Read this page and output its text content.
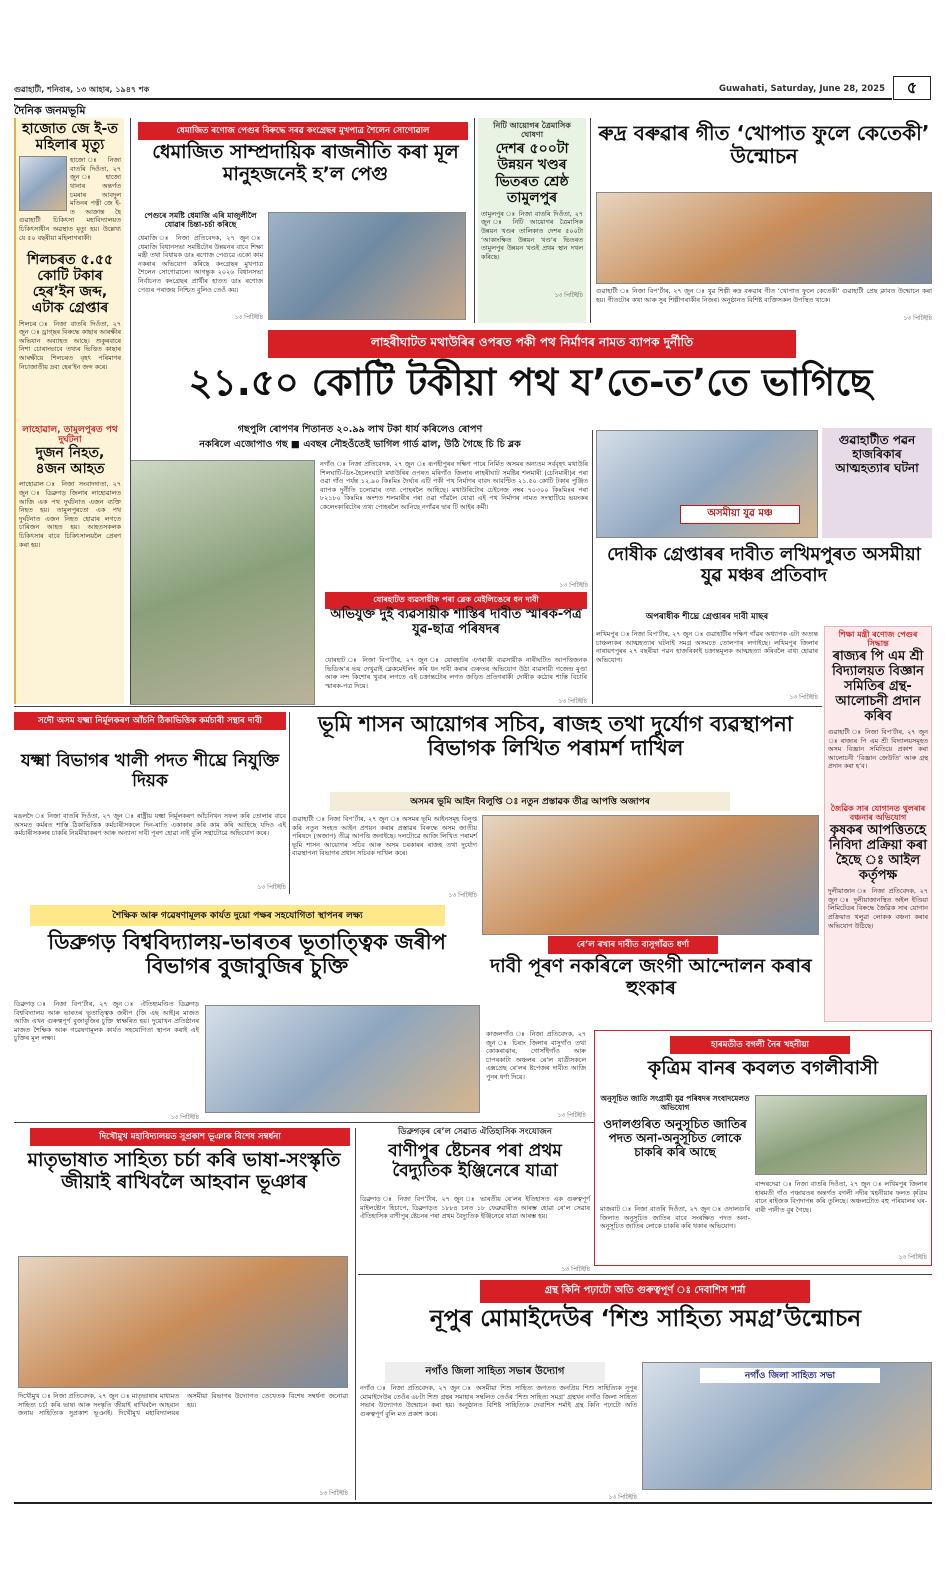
গুৱাহাটী, শনিবাৰ, ১৩ আহাৰ, ১৯৪৭ শক	Guwahati, Saturday, June 28, 2025	৫
দৈনিক জনমভূমি
হাজোত জে ই-ত মহিলাৰ মৃত্যু
হাজো ঃ নিজা বাতৰি দিওঁতা, ২৭ জুন ঃ হাজো থানাৰ অন্তৰ্গত চমৰাৰ আবদুল মতিনৰ পত্নী জে ই-ত আক্ৰান্ত হৈ গুৱাহাটী চিকিৎসা মহাবিদ্যালয়ত চিকিৎসাধীন অৱস্থাত মৃত্যু হয়। উল্লেখ্য যে ৫০ বছৰীয়া মহিলাগৰাকী।
শিলচৰত ৫.৫৫ কোটি টকাৰ হেৰ’ইন জব্দ, এটাক গ্ৰেপ্তাৰ
শিলচৰ ঃ নিজা বাতৰি দিওঁতা, ২৭ জুন ঃ ড্ৰাগ্‌ছৰ বিৰুদ্ধে কাছাৰ আৰক্ষীৰ অভিযান অব্যাহত আছে। শুকুৰবাৰে নিশা চোৰাংভাবে তথ্যৰ ভিত্তিত কাছাৰ আৰক্ষীয়ে শিলচৰত বৃহৎ পৰিমাণৰ নিচাজাতীয় দ্ৰব্য হেৰ’ইন জব্দ কৰে।
লাহোৱাল, তামুলপুৰত পথ দুৰ্ঘটনা
দুজন নিহত, ৪জন আহত
লাহোৱাল ঃ নিজা সংবাদদাতা, ২৭ জুন ঃ ডিব্ৰুগড় জিলাৰ লাহোৱালত আজি এক পথ দুৰ্ঘটনাত এজন ব্যক্তি নিহত হয়। তামুলপুৰতো এক পথ দুৰ্ঘটনাত এজন নিহত হোৱাৰ লগতে চাৰিজন আহত হয়। আহতসকলক চিকিৎসাৰ বাবে চিকিৎসালয়লৈ প্ৰেৰণ কৰা হয়।
ধেমাজিত ৰণোজ পেগুৰ বিৰুদ্ধে সৰৱ কংগ্ৰেছৰ মুখপাত্ৰ শৈলেন সোণোৱাল
ধেমাজিত সাম্প্ৰদায়িক ৰাজনীতি কৰা মূল মানুহজনেই হ’ল পেগু
পেগুৰে সমষ্টি ধেমাজি এৰি মাজুলীলৈ যোৱাৰ চিন্তা-চৰ্চা কৰিছে
ধেমাজি ঃ নিজা প্ৰতিবেদক, ২৭ জুন ঃ ধেমাজি বিধানসভা সমষ্টিটোৰ উন্নয়নৰ বাবে শিক্ষা মন্ত্ৰী তথা বিধায়ক ডাঃ ৰণোজ পেগুৱে একো কাম নকৰাৰ অভিযোগ কৰিছে কংগ্ৰেছৰ মুখপাত্ৰ শৈলেন সোণোৱালে। আগন্তুক ২০২৬ বিধানসভা নিৰ্বাচনত কংগ্ৰেছৰ প্ৰাৰ্থীৰ হাতত ডাঃ ৰণোজ পেগুৰ পৰাজয় নিশ্চিত বুলিও তেওঁ কয়।
১৩ পিটিইচি
নিটি আয়োগৰ ত্ৰৈমাসিক ঘোষণা
দেশৰ ৫০০টা উন্নয়ন খণ্ডৰ ভিতৰত শ্ৰেষ্ঠ তামুলপুৰ
তামুলপুৰ ঃ নিজা বাতৰি দিওঁতা, ২৭ জুন ঃ নিটি আয়োগৰ ত্ৰৈমাসিক উন্নয়ন খণ্ডৰ তালিকাত দেশৰ ৫০০টা ‘আকাংক্ষিত উন্নয়ন খণ্ড’ৰ ভিতৰত তামুলপুৰ উন্নয়ন খণ্ডই প্ৰথম স্থান দখল কৰিছে।
১৩ পিটিইচি
ৰুদ্ৰ বৰুৱাৰ গীত ‘খোপাত ফুলে কেতেকী’ উন্মোচন
গুৱাহাটী ঃ নিজা বিপ’ৰ্টাৰ, ২৭ জুন ঃ যুৱ শিল্পী ৰুদ্ৰ বৰুৱাৰ গীত ‘খোপাত ফুলে কেতেকী’ গুৱাহাটী প্ৰেছ ক্লাবত উন্মোচন কৰা হয়। গীতটোৰ কথা আৰু সুৰ শিল্পীগৰাকীৰ নিজৰ। অনুষ্ঠানত বিশিষ্ট ব্যক্তিসকল উপস্থিত থাকে।
১৩ পিটিইচি
লাহৰীঘাটত মথাউৰিৰ ওপৰত পকী পথ নিৰ্মাণৰ নামত ব্যাপক দুৰ্নীতি
২১.৫০ কোটি টকীয়া পথ য’তে-ত’তে ভাগিছে
গছপুলি ৰোপণৰ শিতানত ২০.৯৯ লাখ টকা ধাৰ্য কৰিলেও ৰোপণ
নকৰিলে এজোপাও গছ ■ এবছৰ নৌহওঁতেই ভাগিল গাৰ্ড ৱাল, উঠি গৈছে চি চি ব্লক
নগাঁও ঃ নিজা প্ৰতিবেদক, ২৭ জুন ঃ ৰূপহীপুৰৰ দক্ষিণ পাৰে নিৰ্মিত অসমৰ অন্যতম সৰ্ববৃহৎ মথাউৰি শিলঘাটি-ডিং-হৈলেংঘাটা মথাউৰিৰ ওপৰত মৰিগাঁও জিলাৰ লাহৰীঘাট সমষ্টিৰ শলমাৰী (চেনিমাৰী)ৰ পৰা ওৱা গাঁও পৰ্যন্ত ১২.৯০ কিঃমিঃ দৈৰ্ঘ্যৰ এটি পকী পথ নিৰ্মাণৰ বাবদ আবণ্টিত ২১.৫০ কোটি টকাৰ পুঞ্জিত ব্যাপক দুৰ্নীতি চলোৱাৰ তথ্য পোহৰলৈ আহিছে। মথাউৰিটোৰ চেইনেজ নম্বৰ ৭০৩০০ কিঃমিঃৰ পৰা ৮২১৮০ কিঃমিঃ অংশত শলমাৰীৰ পৰা ওৱা গাঁৱলৈ যোৱা এই পথ নিৰ্মাণৰ নামত সংস্থাটিয়ে ভয়ংকৰ কেলেংকাৰিটোৰ তথ্য পোহৰলৈ আনিছে নগাঁৱৰ দ্বাৰ টি আইৰ কৰ্মী।
১৩ পিটিইচি
অসমীয়া যুৱ মঞ্চ
গুৱাহাটীত পৱন হাজৰিকাৰ আত্মহত্যাৰ ঘটনা
দোষীক গ্ৰেপ্তাৰৰ দাবীত লখিমপুৰত অসমীয়া যুৱ মঞ্চৰ প্ৰতিবাদ
অপৰাধীক শীঘ্ৰে গ্ৰেপ্তাৰৰ দাবী মাছৰ
লখিমপুৰ ঃ নিজা বিপ’ৰ্টাৰ, ২৭ জুন ঃ গুৱাহাটীৰ দক্ষিণ গাঁৱৰ অধ্যাপক এটা অত্যন্ত চাঞ্চল্যকৰ আত্মহত্যাৰ ঘটনাই সমগ্ৰ অসমতে তোলপাৰ লগাইছে। লখিমপুৰ জিলাৰ নাৰায়ণপুৰৰ ২৭ বছৰীয়া পৱন হাজৰিকাই চক্ৰান্তমূলক আত্মহত্যা কৰিবলৈ বাধ্য হোৱাৰ অভিযোগ।
১৩ পিটিইচি
যোৰহাটত ব্যৱসায়ীক পৰা ব্লেক মেইলিঙেৰে ধন দাবী
অভিযুক্ত দুই ব্যৱসায়ীক শাস্তিৰ দাবীত স্মাৰক-পত্ৰ যুৱ-ছাত্ৰ পৰিষদৰ
যোৰহাট ঃ নিজা বিপ’ৰ্টাৰ, ২৭ জুন ঃ যোৰহাটৰ এগৰাকী ব্যৱসায়ীক নাৰীঘটিত আপত্তিজনক ভিডিঅ’ৰ ভয় দেখুৱাই ব্লেকমেইলিং কৰি ধন দাবী কৰাৰ গুৰুতৰ অভিযোগ উঠা ব্যৱসায়ী গজেন্দ্ৰ মুণ্ডা আৰু নন্দ কিশোৰ খুবাৰ লগতে এই চক্ৰান্তটোৰ লগত জড়িত প্ৰতিগৰাকী দোষীক কঠোৰ শাস্তি বিচাৰি স্মাৰক-পত্ৰ দিয়ে।
১৩ পিটিইচি
শিক্ষা মন্ত্ৰী ৰণোজ পেগুৰ সিদ্ধান্ত
ৰাজ্যৰ পি এম শ্ৰী বিদ্যালয়ত বিজ্ঞান সমিতিৰ গ্ৰন্থ-আলোচনী প্ৰদান কৰিব
গুৱাহাটী ঃ নিজা বিপ’ৰ্টাৰ, ২৭ জুন ঃ ৰাজ্যৰ পি এম শ্ৰী বিদ্যালয়সমূহত অসম বিজ্ঞান সমিতিয়ে প্ৰকাশ কৰা আলোচনী ‘বিজ্ঞান জেউতি’ আৰু গ্ৰন্থ প্ৰদান কৰা হ’ব।
জৈৱিক সাৰ যোগানত থুলৰাৰ বঞ্চনাৰ অভিযোগ
কৃষকৰ আপত্তিতহে নিবিদা প্ৰক্ৰিয়া কৰা হৈছে ঃ আইল কৰ্তৃপক্ষ
দুলীয়াজান ঃ নিজা প্ৰতিবেদক, ২৭ জুন ঃ দুলীয়াজানস্থিত অইল ইণ্ডিয়া লিমিটেডৰ বিৰুদ্ধে জৈৱিক সাৰ যোগান প্ৰক্ৰিয়াত থলুৱা লোকক বঞ্চনা কৰাৰ অভিযোগ উঠিছে।
সদৌ অসম যক্ষ্মা নিৰ্মূলকৰণ আঁচনি ঠিকাভিত্তিক কৰ্মচাৰী সন্থাৰ দাবী
যক্ষ্মা বিভাগৰ খালী পদত শীঘ্ৰে নিযুক্তি দিয়ক
মঙলদৈ ঃ নিজা বাতৰি দিওঁতা, ২৭ জুন ঃ ৰাষ্ট্ৰীয় যক্ষ্মা নিৰ্মূলকৰণ আঁচনিখন সফল কৰি তোলাৰ বাবে অসমত কৰ্মৰত শাস্তি ঠিকাভিত্তিক কৰ্মচাৰীসকলে দিন-ৰাতি একাকাৰ কৰি কাম কৰি আহিছে যদিও এই কৰ্মচাৰীসকলৰ চাকৰি নিয়মীয়াকৰণ আৰু অন্যান্য দাবী পূৰণ হোৱা নাই বুলি সন্থাটোৱে অভিযোগ কৰে।
১৩ পিটিইচি
ভূমি শাসন আয়োগৰ সচিব, ৰাজহ তথা দুৰ্যোগ ব্যৱস্থাপনা বিভাগক লিখিত পৰামৰ্শ দাখিল
অসমৰ ভূমি আইন বিলুপ্তি ঃ নতুন প্ৰস্তাৱক তীব্ৰ আপত্তি অজাপৰ
গুৱাহাটী ঃ নিজা বিপ’ৰ্টাৰ, ২৭ জুন ঃ অসমৰ ভূমি আইনসমূহ বিলুপ্ত কৰি নতুন সংহত আইন প্ৰণয়ন কৰাৰ প্ৰস্তাৱৰ বিৰুদ্ধে অসম জাতীয় পৰিষদে (অজাপ) তীব্ৰ আপত্তি জনাইছে। দলটোৱে আজি লিখিত পৰামৰ্শ ভূমি শাসন আয়োগৰ সচিব আৰু অসম চৰকাৰৰ ৰাজহ তথা দুৰ্যোগ ব্যৱস্থাপনা বিভাগৰ প্ৰধান সচিবক দাখিল কৰে।
১৩ পিটিইচি
শৈক্ষিক আৰু গৱেষণামূলক কাৰ্যত দুয়ো পক্ষৰ সহযোগিতা স্থাপনৰ লক্ষ্য
ডিব্ৰুগড় বিশ্ববিদ্যালয়-ভাৰতৰ ভূতাত্ত্বিক জৰীপ বিভাগৰ বুজাবুজিৰ চুক্তি
ডিব্ৰুগড় ঃ নিজা বিপ’ৰ্টাৰ, ২৭ জুন ঃ ঐতিহ্যমণ্ডিত ডিব্ৰুগড় বিশ্ববিদ্যালয় আৰু ভাৰতৰ ভূতাত্ত্বিক জৰীপ (জি এছ আই)ৰ মাজত আজি এখন গুৰুত্বপূৰ্ণ বুজাবুজিৰ চুক্তি স্বাক্ষৰিত হয়। দুয়োখন প্ৰতিষ্ঠানৰ মাজত শৈক্ষিক আৰু গৱেষণামূলক কাৰ্যত সহযোগিতা স্থাপন কৰাই এই চুক্তিৰ মূল লক্ষ্য।
১৩ পিটিইচি
ৰে’ল ৰখাৰ দাবীত বাসুগাঁৱত ধৰ্ণা
দাবী পূৰণ নকৰিলে জংগী আন্দোলন কৰাৰ হুংকাৰ
কাজলগাঁও ঃ নিজা প্ৰতিবেদক, ২৭ জুন ঃ চিৰাং জিলাৰ বাসুগাঁও তথা কোকৰাঝাৰ, গোসাঁইগাঁও আৰু চাপৰকাটা অঞ্চলৰ ৰে’ল যাত্ৰীসকলে এক্সপ্ৰেছ ৰে’লৰ ষ্টপেজৰ দাবীত আজি পুনৰ ধৰ্ণা দিয়ে।
১৩ পিটিইচি
হাৰমতীত বগলী নৈৰ খহনীয়া
কৃত্ৰিম বানৰ কবলত বগলীবাসী
অনুসূচিত জাতি সংগ্ৰামী যুৱ পৰিষদৰ সংবাদমেলত অভিযোগ
ওদালগুৰিত অনুসূচিত জাতিৰ পদত অনা-অনুসূচিত লোকে চাকৰি কৰি আছে
মাজবাট ঃ নিজা বাতৰি দিওঁতা, ২৭ জুন ঃ ওদালগুৰি জিলাত অনুসূচিত জাতিৰ বাবে সংৰক্ষিত পদত অনা-অনুসূচিত জাতিৰ লোকে চাকৰি কৰি থকাৰ অভিযোগ।
বান্দৰদেৱা ঃ নিজা বাতৰি দিওঁতা, ২৭ জুন ঃ লখিমপুৰ জিলাৰ হাৰমতী গাঁও পঞ্চায়তৰ অন্তৰ্গত বগলী নদীৰ খহনীয়াৰ ফলত কৃত্ৰিম বানে ৰাইজক বিপদাপন্ন কৰি তুলিছে। অঞ্চলটোত বহু পৰিয়ালৰ ঘৰ-বাৰী পানীত বুৰ গৈছে।
১৩ পিটিইচি
দিখৌমুখ মহাবিদ্যালয়ত সুপ্ৰকাশ ভূঞাক বিশেষ সম্বৰ্ধনা
মাতৃভাষাত সাহিত্য চৰ্চা কৰি ভাষা-সংস্কৃতি জীয়াই ৰাখিবলৈ আহবান ভূঞাৰ
দিখৌমুখ ঃ নিজা প্ৰতিবেদক, ২৭ জুন ঃ মাতৃভাষাৰ মাধ্যমত সাহিত্য চৰ্চা কৰি ভাষা আৰু সংস্কৃতি জীয়াই ৰাখিবলৈ আহবান জনায় সাহিত্যিক সুপ্ৰকাশ ভূঞাই। দিখৌমুখ মহাবিদ্যালয়ৰ অসমীয়া বিভাগৰ উদ্যোগত তেখেতক বিশেষ সম্বৰ্ধনা জনোৱা হয়।
১৩ পিটিইচি
ডিব্ৰুগড়ৰ ৰে’ল সেৱাত ঐতিহাসিক সংযোজন
বাণীপুৰ ষ্টেচনৰ পৰা প্ৰথম বৈদ্যুতিক ইঞ্জিনেৰে যাত্ৰা
ডিব্ৰুগড় ঃ নিজা বিপ’ৰ্টাৰ, ২৭ জুন ঃ ভাৰতীয় ৰে’লৰ ইতিহাসত এক গুৰুত্বপূৰ্ণ মাইলষ্টোন হিচাপে, ডিব্ৰুগড়ত ১৮৮৪ চনত ১৮ ফেব্ৰুৱাৰীত আৰম্ভ হোৱা ৰে’ল সেৱাৰ ঐতিহাসিক বাণীপুৰ ষ্টেচনৰ পৰা প্ৰথম বৈদ্যুতিক ইঞ্জিনেৰে যাত্ৰা আৰম্ভ হয়।
১৩ পিটিইচি
গ্ৰন্থ কিনি পঢ়াটো অতি গুৰুত্বপূৰ্ণ ঃ দেবাশিস শৰ্মা
নূপুৰ মোমাইদেউৰ ‘শিশু সাহিত্য সমগ্ৰ’উন্মোচন
নগাঁও জিলা সাহিত্য সভাৰ উদ্যোগ
নগাঁও ঃ নিজা প্ৰতিবেদক, ২৭ জুন ঃ অসমীয়া শিশু সাহিত্য জগতত জনপ্ৰিয় শিশু সাহিত্যিক নূপুৰ মোমাইদেউৰ তেওঁৰ ৬৮টা শিশু গ্ৰন্থৰ সমাহাৰ সম্বলিত তেওঁৰ ‘শিশু সাহিত্য সমগ্ৰ’ গ্ৰন্থখন নগাঁও জিলা সাহিত্য সভাৰ উদ্যোগত উন্মোচন কৰা হয়। অনুষ্ঠানত বিশিষ্ট সাহিত্যিক দেবাশিস শৰ্মাই গ্ৰন্থ কিনি পঢ়াটো অতি গুৰুত্বপূৰ্ণ বুলি মত প্ৰকাশ কৰে।
১৩ পিটিইচি
নগাঁও জিলা সাহিত্য সভা
